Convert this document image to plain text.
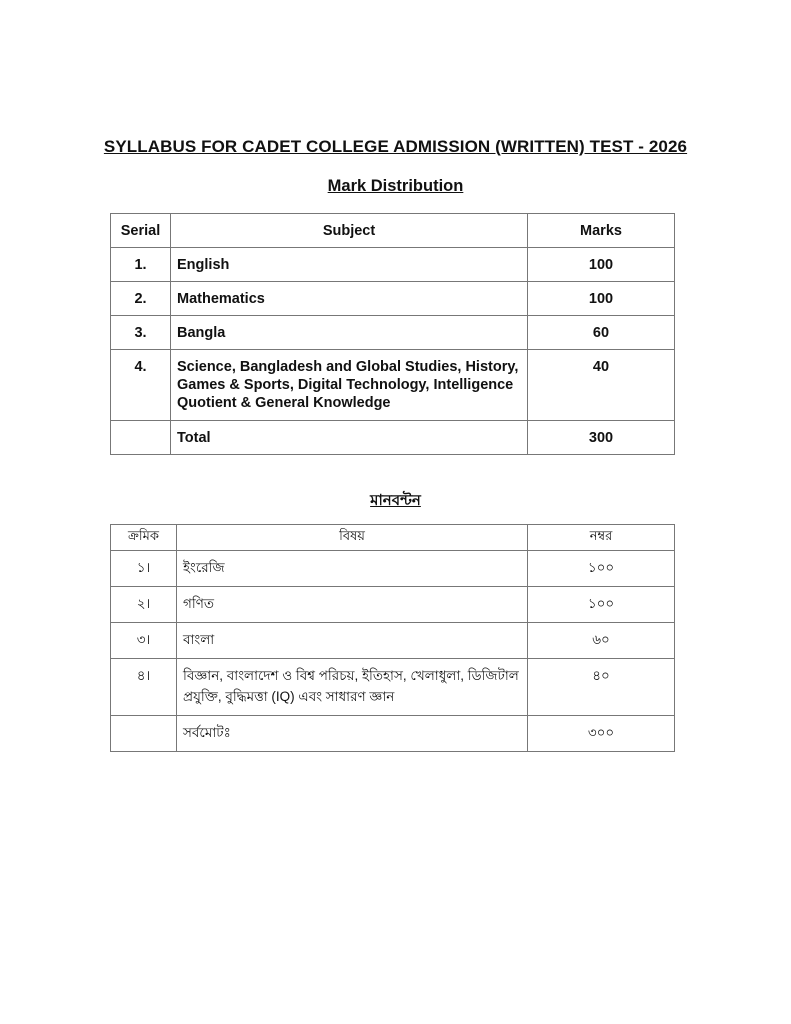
SYLLABUS FOR CADET COLLEGE ADMISSION (WRITTEN) TEST - 2026
Mark Distribution
Serial	Subject	Marks
1.	English	100
2.	Mathematics	100
3.	Bangla	60
4.	Science, Bangladesh and Global Studies, History, Games & Sports, Digital Technology, Intelligence Quotient & General Knowledge	40
	Total	300
মানবন্টন
ক্রমিক	বিষয়	নম্বর
১।	ইংরেজি	১০০
২।	গণিত	১০০
৩।	বাংলা	৬০
৪।	বিজ্ঞান, বাংলাদেশ ও বিশ্ব পরিচয়, ইতিহাস, খেলাধুলা, ডিজিটাল প্রযুক্তি, বুদ্ধিমত্তা (IQ) এবং সাধারণ জ্ঞান	৪০
	সর্বমোটঃ	৩০০
